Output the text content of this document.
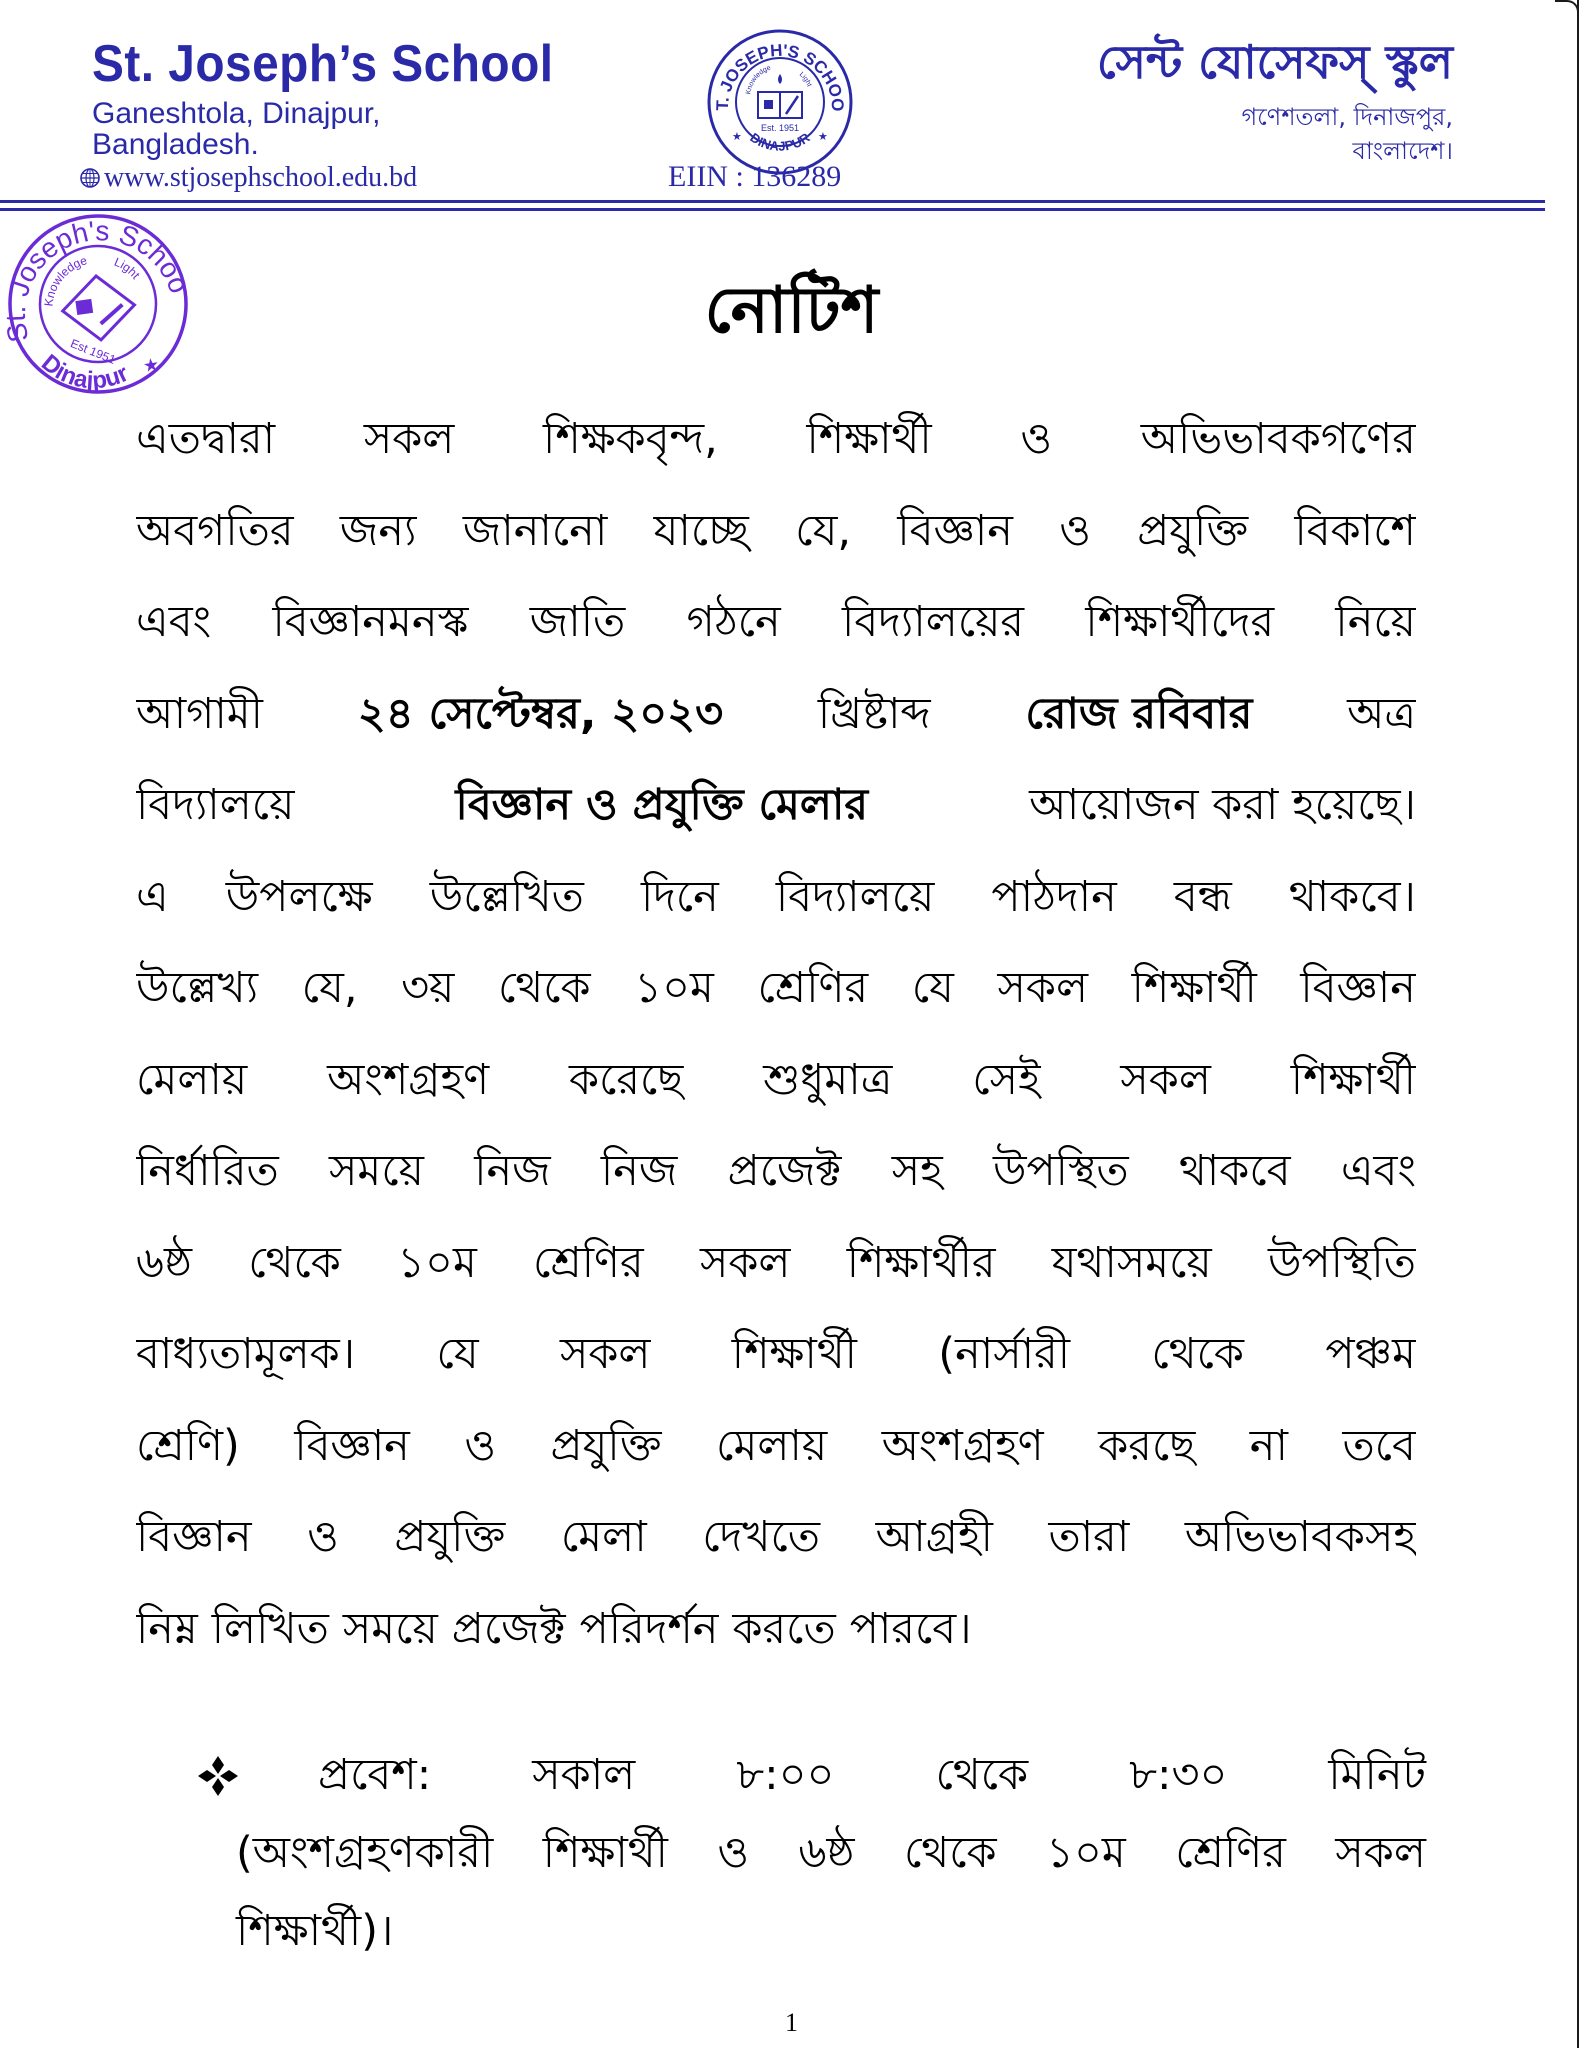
St. Joseph’s School
Ganeshtola, Dinajpur,
Bangladesh.
www.stjosephschool.edu.bd
T. JOSEPH'S SCHOO
DINAJPUR
★	★
Knowledge
Light
Est. 1951
EIIN : 136289
সেন্ট যোসেফস্ স্কুল
গণেশতলা, দিনাজপুর,
বাংলাদেশ।
St. Joseph's School
Dinajpur
Knowledge	Light
Est 1951 ★
নোটিশ
এতদ্বারা সকল শিক্ষকবৃন্দ, শিক্ষার্থী ও অভিভাবকগণের
অবগতির জন্য জানানো যাচ্ছে যে, বিজ্ঞান ও প্রযুক্তি বিকাশে
এবং বিজ্ঞানমনস্ক জাতি গঠনে বিদ্যালয়ের শিক্ষার্থীদের নিয়ে
আগামী ২৪ সেপ্টেম্বর, ২০২৩ খ্রিষ্টাব্দ রোজ রবিবার অত্র
বিদ্যালয়ে	বিজ্ঞান ও প্রযুক্তি মেলার	আয়োজন করা হয়েছে।
এ উপলক্ষে উল্লেখিত দিনে বিদ্যালয়ে পাঠদান বন্ধ থাকবে।
উল্লেখ্য যে, ৩য় থেকে ১০ম শ্রেণির যে সকল শিক্ষার্থী বিজ্ঞান
মেলায় অংশগ্রহণ করেছে শুধুমাত্র সেই সকল শিক্ষার্থী
নির্ধারিত সময়ে নিজ নিজ প্রজেক্ট সহ উপস্থিত থাকবে এবং
৬ষ্ঠ থেকে ১০ম শ্রেণির সকল শিক্ষার্থীর যথাসময়ে উপস্থিতি
বাধ্যতামূলক। যে সকল শিক্ষার্থী (নার্সারী থেকে পঞ্চম
শ্রেণি) বিজ্ঞান ও প্রযুক্তি মেলায় অংশগ্রহণ করছে না তবে
বিজ্ঞান ও প্রযুক্তি মেলা দেখতে আগ্রহী তারা অভিভাবকসহ
নিম্ন লিখিত সময়ে প্রজেক্ট পরিদর্শন করতে পারবে।
প্রবেশ: সকাল ৮:০০ থেকে ৮:৩০ মিনিট
(অংশগ্রহণকারী শিক্ষার্থী ও ৬ষ্ঠ থেকে ১০ম শ্রেণির সকল
শিক্ষার্থী)।
1
